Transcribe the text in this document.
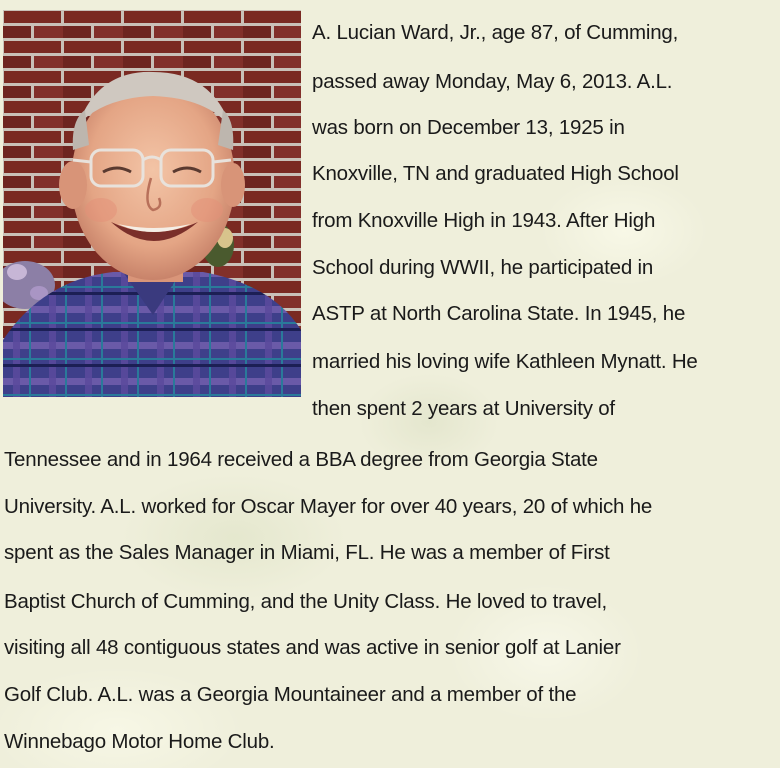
A. Lucian Ward, Jr., age 87, of Cumming,
passed away Monday, May 6, 2013. A.L.
was born on December 13, 1925 in
Knoxville, TN and graduated High School
from Knoxville High in 1943. After High
School during WWII, he participated in
ASTP at North Carolina State. In 1945, he
married his loving wife Kathleen Mynatt. He
then spent 2 years at University of
Tennessee and in 1964 received a BBA degree from Georgia State
University. A.L. worked for Oscar Mayer for over 40 years, 20 of which he
spent as the Sales Manager in Miami, FL. He was a member of First
Baptist Church of Cumming, and the Unity Class. He loved to travel,
visiting all 48 contiguous states and was active in senior golf at Lanier
Golf Club. A.L. was a Georgia Mountaineer and a member of the
Winnebago Motor Home Club.
